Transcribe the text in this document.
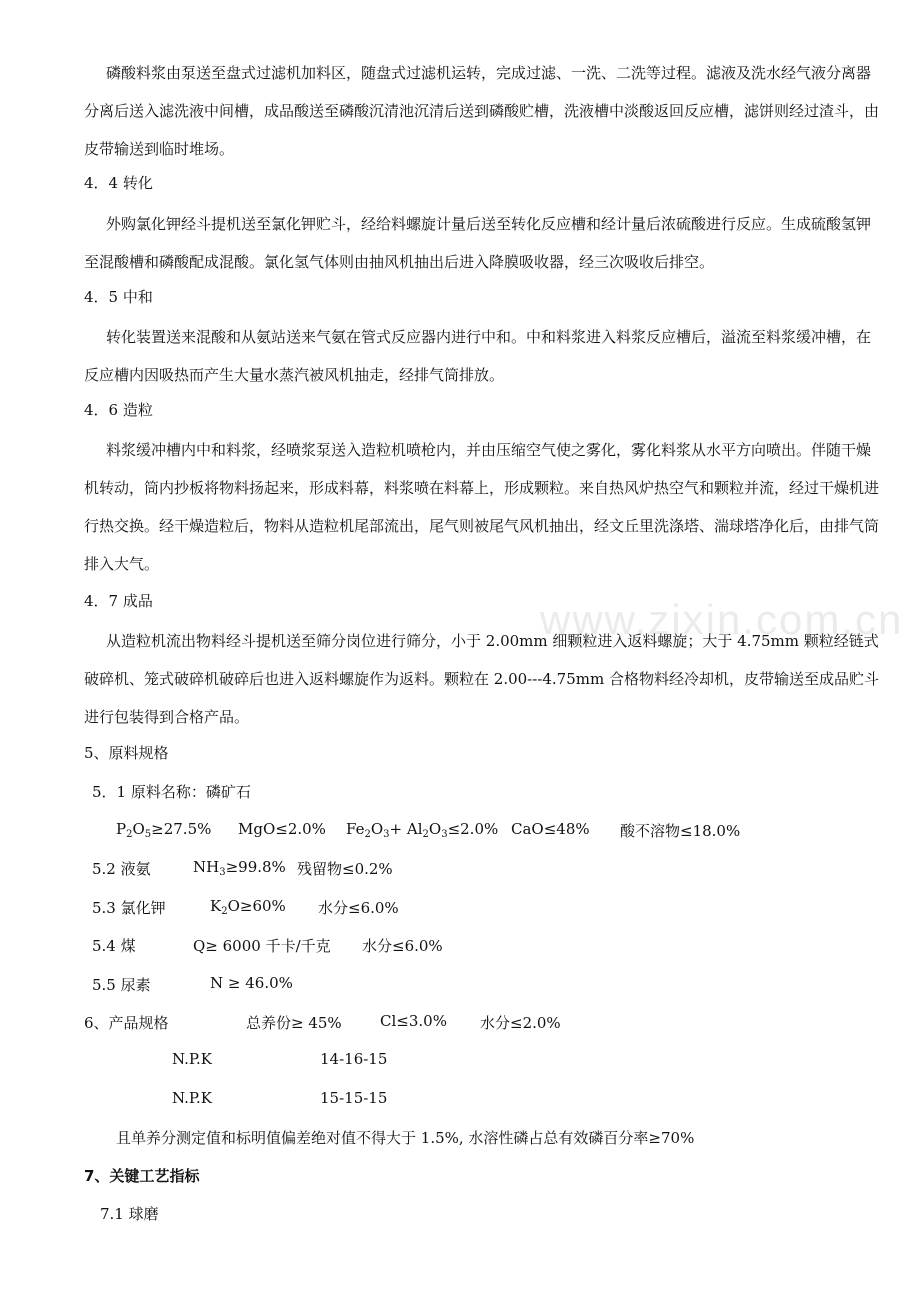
www.zixin.com.cn

磷酸料浆由泵送至盘式过滤机加料区，随盘式过滤机运转，完成过滤、一洗、二洗等过程。滤液及洗水经气液分离器分离后送入滤洗液中间槽，成品酸送至磷酸沉清池沉清后送到磷酸贮槽，洗液槽中淡酸返回反应槽，滤饼则经过渣斗，由皮带输送到临时堆场。

4．4 转化

外购氯化钾经斗提机送至氯化钾贮斗，经给料螺旋计量后送至转化反应槽和经计量后浓硫酸进行反应。生成硫酸氢钾至混酸槽和磷酸配成混酸。氯化氢气体则由抽风机抽出后进入降膜吸收器，经三次吸收后排空。

4．5 中和

转化装置送来混酸和从氨站送来气氨在管式反应器内进行中和。中和料浆进入料浆反应槽后，溢流至料浆缓冲槽，在反应槽内因吸热而产生大量水蒸汽被风机抽走，经排气筒排放。

4．6 造粒

料浆缓冲槽内中和料浆，经喷浆泵送入造粒机喷枪内，并由压缩空气使之雾化，雾化料浆从水平方向喷出。伴随干燥机转动，筒内抄板将物料扬起来，形成料幕，料浆喷在料幕上，形成颗粒。来自热风炉热空气和颗粒并流，经过干燥机进行热交换。经干燥造粒后，物料从造粒机尾部流出，尾气则被尾气风机抽出，经文丘里洗涤塔、湍球塔净化后，由排气筒排入大气。

4．7 成品

从造粒机流出物料经斗提机送至筛分岗位进行筛分，小于 2.00mm 细颗粒进入返料螺旋；大于 4.75mm 颗粒经链式破碎机、笼式破碎机破碎后也进入返料螺旋作为返料。颗粒在 2.00---4.75mm 合格物料经冷却机，皮带输送至成品贮斗进行包装得到合格产品。

5、原料规格

5．1 原料名称：磷矿石

$P_2O_5\ge 27.5\%$ MgO≤2.0% $Fe_2O_3+ Al_2O_3\le 2.0\%$ CaO≤48% 酸不溶物≤18.0%
5.2 液氨	$NH_3\ge 99.8\%$ 残留物≤0.2%
5.3 氯化钾	$K_2O\ge 60\%$ 水分≤6.0%
5.4 煤	Q≥ 6000 千卡/千克 水分≤6.0%
5.5 尿素	N ≥ 46.0%
6、产品规格	总养份≥ 45%	Cl≤3.0% 水分≤2.0%
N.P.K	14-16-15
N.P.K	15-15-15

且单养分测定值和标明值偏差绝对值不得大于 1.5%, 水溶性磷占总有效磷百分率≥70%

7、关键工艺指标

7.1 球磨
